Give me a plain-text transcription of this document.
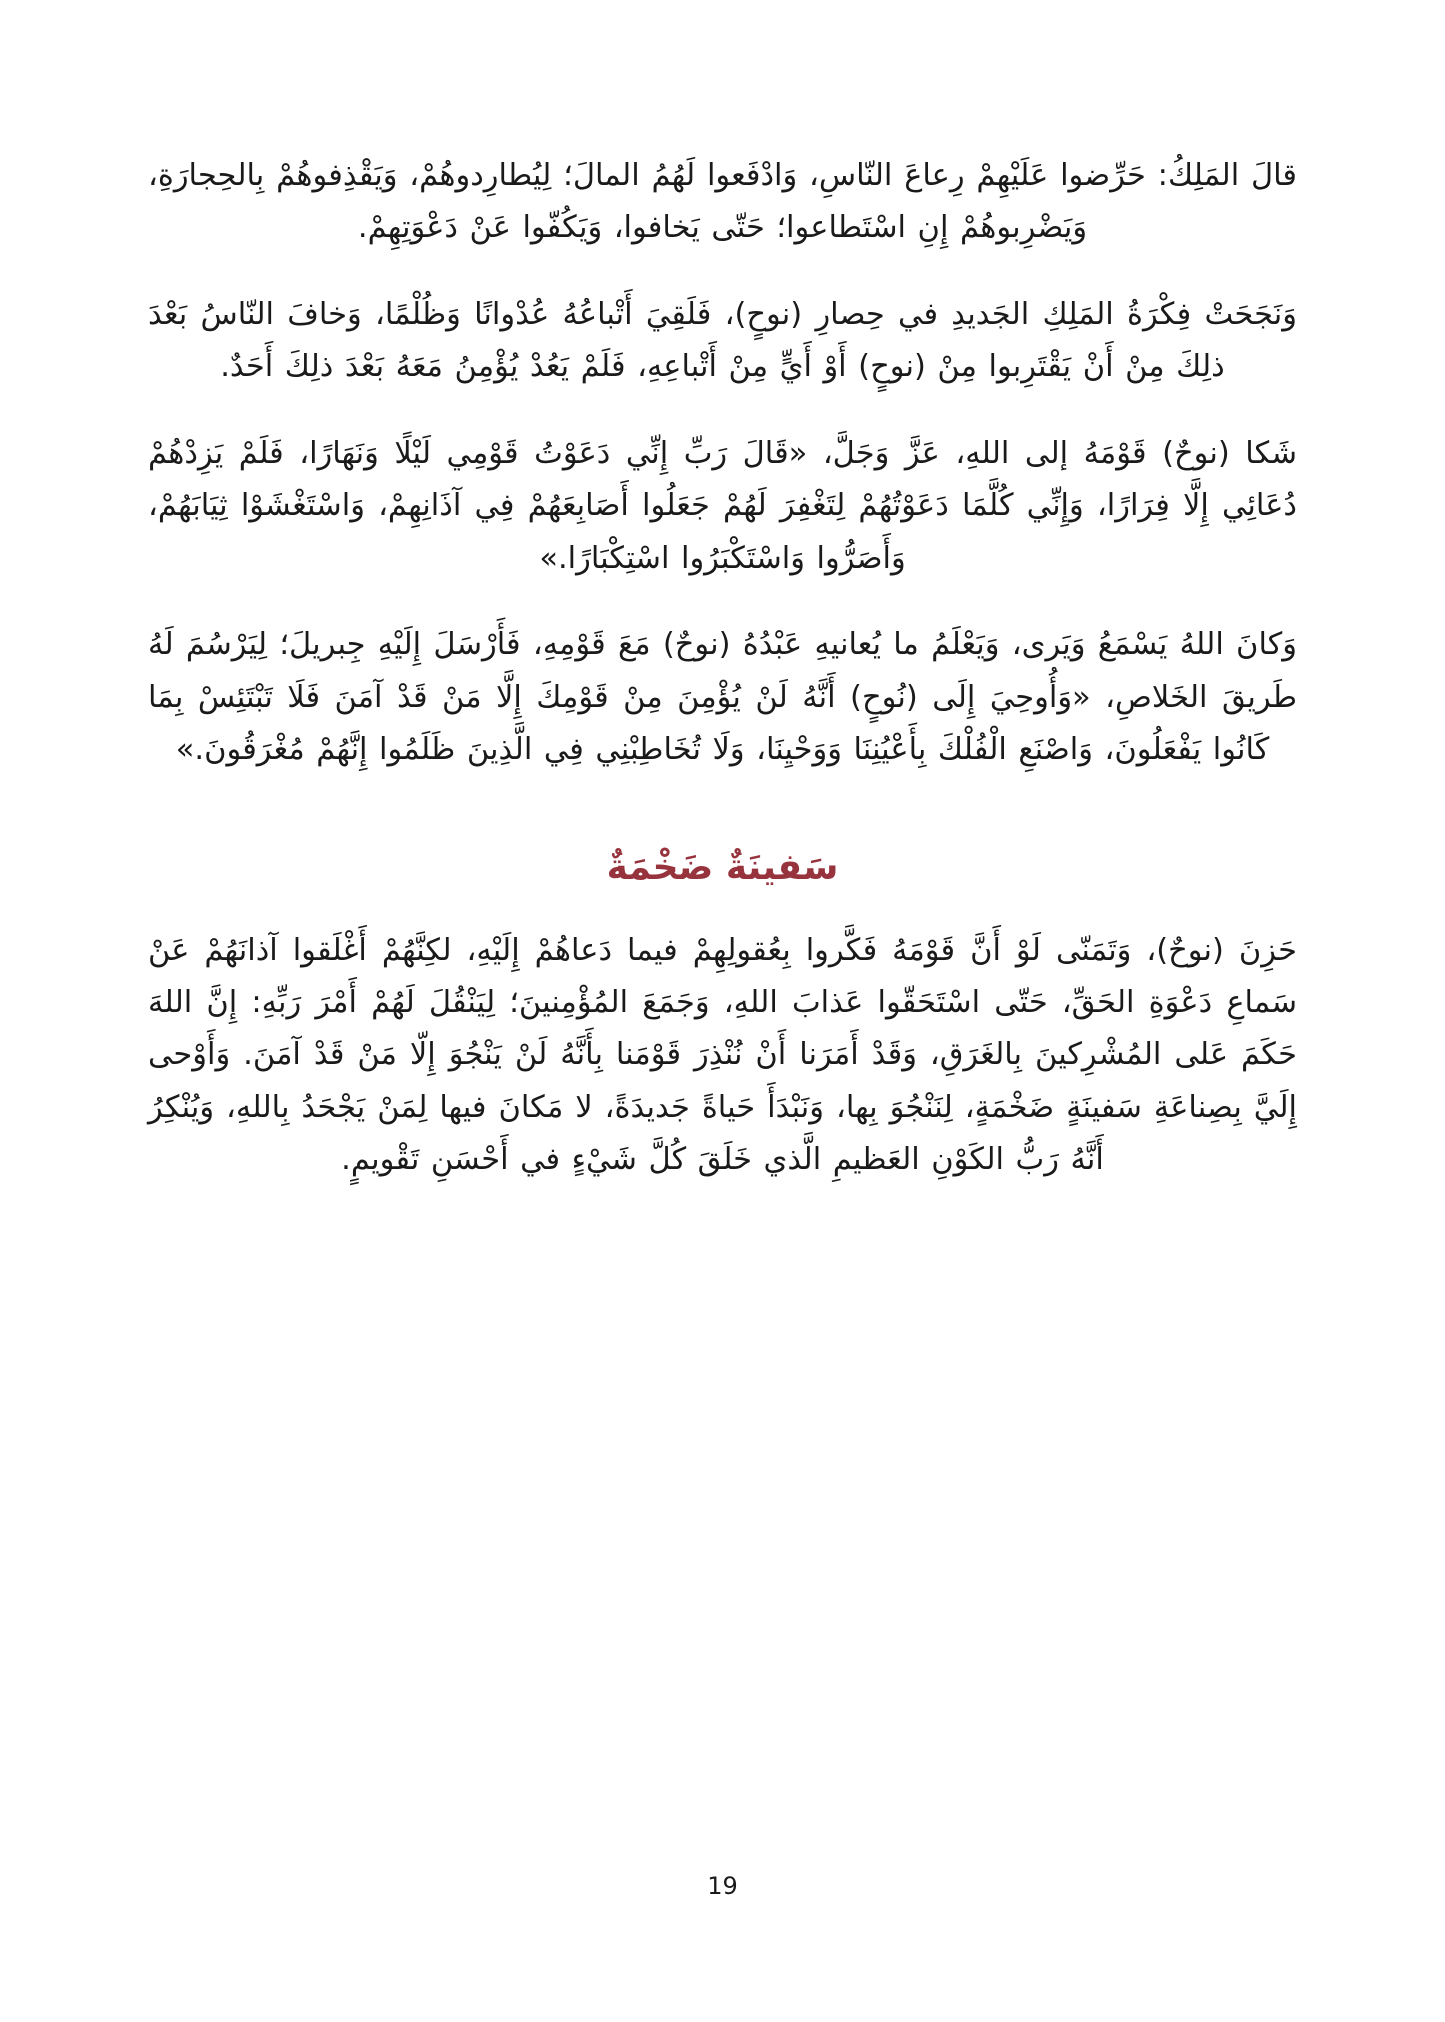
قالَ المَلِكُ: حَرِّضوا عَلَيْهِمْ رِعاعَ النّاسِ، وَادْفَعوا لَهُمُ المالَ؛ لِيُطارِدوهُمْ، وَيَقْذِفوهُمْ بِالحِجارَةِ، وَيَضْرِبوهُمْ إِنِ اسْتَطاعوا؛ حَتّى يَخافوا، وَيَكُفّوا عَنْ دَعْوَتِهِمْ.

وَنَجَحَتْ فِكْرَةُ المَلِكِ الجَديدِ في حِصارِ (نوحٍ)، فَلَقِيَ أَتْباعُهُ عُدْوانًا وَظُلْمًا، وَخافَ النّاسُ بَعْدَ ذلِكَ مِنْ أَنْ يَقْتَرِبوا مِنْ (نوحٍ) أَوْ أَيٍّ مِنْ أَتْباعِهِ، فَلَمْ يَعُدْ يُؤْمِنُ مَعَهُ بَعْدَ ذلِكَ أَحَدٌ.

شَكا (نوحٌ) قَوْمَهُ إلى اللهِ، عَزَّ وَجَلَّ، «قَالَ رَبِّ إِنِّي دَعَوْتُ قَوْمِي لَيْلًا وَنَهَارًا، فَلَمْ يَزِدْهُمْ دُعَائِي إِلَّا فِرَارًا، وَإِنِّي كُلَّمَا دَعَوْتُهُمْ لِتَغْفِرَ لَهُمْ جَعَلُوا أَصَابِعَهُمْ فِي آذَانِهِمْ، وَاسْتَغْشَوْا ثِيَابَهُمْ، وَأَصَرُّوا وَاسْتَكْبَرُوا اسْتِكْبَارًا.»

وَكانَ اللهُ يَسْمَعُ وَيَرى، وَيَعْلَمُ ما يُعانيهِ عَبْدُهُ (نوحٌ) مَعَ قَوْمِهِ، فَأَرْسَلَ إِلَيْهِ جِبريلَ؛ لِيَرْسُمَ لَهُ طَريقَ الخَلاصِ، «وَأُوحِيَ إِلَى (نُوحٍ) أَنَّهُ لَنْ يُؤْمِنَ مِنْ قَوْمِكَ إِلَّا مَنْ قَدْ آمَنَ فَلَا تَبْتَئِسْ بِمَا كَانُوا يَفْعَلُونَ، وَاصْنَعِ الْفُلْكَ بِأَعْيُنِنَا وَوَحْيِنَا، وَلَا تُخَاطِبْنِي فِي الَّذِينَ ظَلَمُوا إِنَّهُمْ مُغْرَقُونَ.»

سَفينَةٌ ضَخْمَةٌ

حَزِنَ (نوحٌ)، وَتَمَنّى لَوْ أَنَّ قَوْمَهُ فَكَّروا بِعُقولِهِمْ فيما دَعاهُمْ إِلَيْهِ، لكِنَّهُمْ أَغْلَقوا آذانَهُمْ عَنْ سَماعِ دَعْوَةِ الحَقِّ، حَتّى اسْتَحَقّوا عَذابَ اللهِ، وَجَمَعَ المُؤْمِنينَ؛ لِيَنْقُلَ لَهُمْ أَمْرَ رَبِّهِ: إِنَّ اللهَ حَكَمَ عَلى المُشْرِكينَ بِالغَرَقِ، وَقَدْ أَمَرَنا أَنْ نُنْذِرَ قَوْمَنا بِأَنَّهُ لَنْ يَنْجُوَ إِلّا مَنْ قَدْ آمَنَ. وَأَوْحى إِلَيَّ بِصِناعَةِ سَفينَةٍ ضَخْمَةٍ، لِنَنْجُوَ بِها، وَنَبْدَأَ حَياةً جَديدَةً، لا مَكانَ فيها لِمَنْ يَجْحَدُ بِاللهِ، وَيُنْكِرُ أَنَّهُ رَبُّ الكَوْنِ العَظيمِ الَّذي خَلَقَ كُلَّ شَيْءٍ في أَحْسَنِ تَقْويمٍ.

19
